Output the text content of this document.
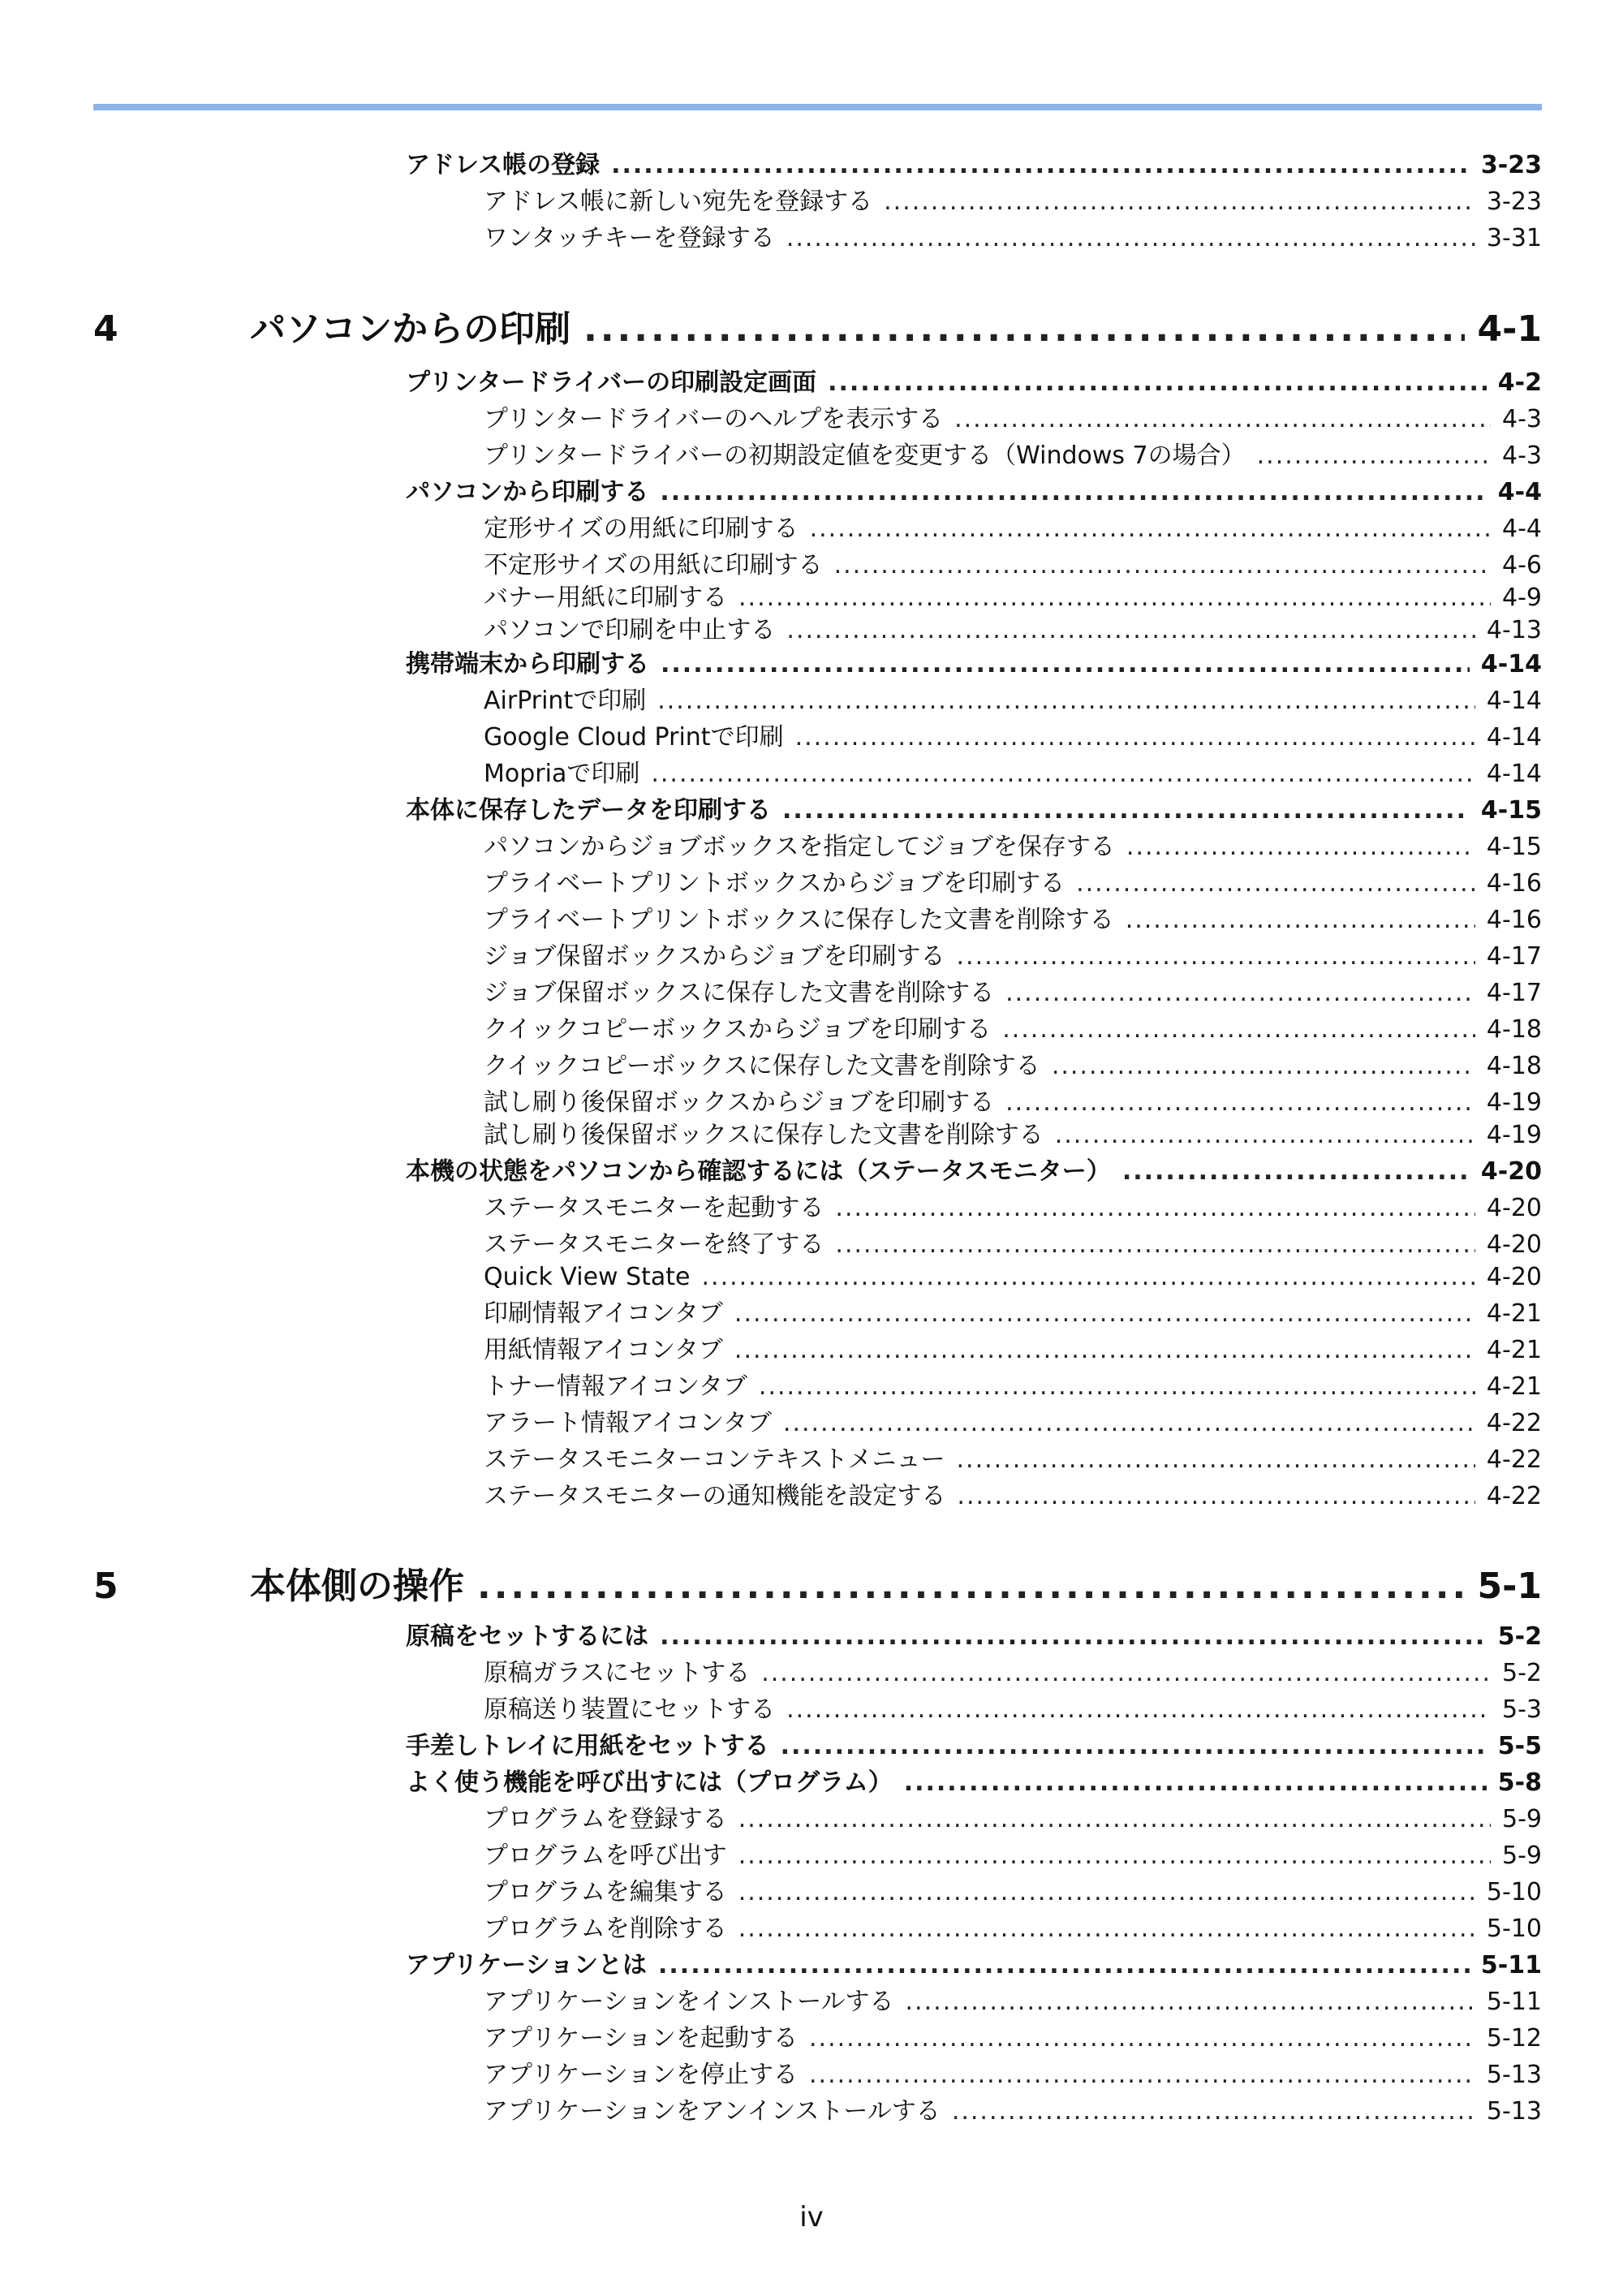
アドレス帳の登録 .....	3-23
アドレス帳に新しい宛先を登録する .....	3-23
ワンタッチキーを登録する .....	3-31
4	パソコンからの印刷 .....	4-1
プリンタードライバーの印刷設定画面 .....	4-2
プリンタードライバーのヘルプを表示する .....	4-3
プリンタードライバーの初期設定値を変更する（Windows 7の場合） .....	4-3
パソコンから印刷する .....	4-4
定形サイズの用紙に印刷する .....	4-4
不定形サイズの用紙に印刷する .....	4-6
バナー用紙に印刷する .....	4-9
パソコンで印刷を中止する .....	4-13
携帯端末から印刷する .....	4-14
AirPrintで印刷 .....	4-14
Google Cloud Printで印刷 .....	4-14
Mopriaで印刷 .....	4-14
本体に保存したデータを印刷する .....	4-15
パソコンからジョブボックスを指定してジョブを保存する .....	4-15
プライベートプリントボックスからジョブを印刷する .....	4-16
プライベートプリントボックスに保存した文書を削除する .....	4-16
ジョブ保留ボックスからジョブを印刷する .....	4-17
ジョブ保留ボックスに保存した文書を削除する .....	4-17
クイックコピーボックスからジョブを印刷する .....	4-18
クイックコピーボックスに保存した文書を削除する .....	4-18
試し刷り後保留ボックスからジョブを印刷する .....	4-19
試し刷り後保留ボックスに保存した文書を削除する .....	4-19
本機の状態をパソコンから確認するには（ステータスモニター） .....	4-20
ステータスモニターを起動する .....	4-20
ステータスモニターを終了する .....	4-20
Quick View State .....	4-20
印刷情報アイコンタブ .....	4-21
用紙情報アイコンタブ .....	4-21
トナー情報アイコンタブ .....	4-21
アラート情報アイコンタブ .....	4-22
ステータスモニターコンテキストメニュー .....	4-22
ステータスモニターの通知機能を設定する .....	4-22
5	本体側の操作 .....	5-1
原稿をセットするには .....	5-2
原稿ガラスにセットする .....	5-2
原稿送り装置にセットする .....	5-3
手差しトレイに用紙をセットする .....	5-5
よく使う機能を呼び出すには（プログラム） .....	5-8
プログラムを登録する .....	5-9
プログラムを呼び出す .....	5-9
プログラムを編集する .....	5-10
プログラムを削除する .....	5-10
アプリケーションとは .....	5-11
アプリケーションをインストールする .....	5-11
アプリケーションを起動する .....	5-12
アプリケーションを停止する .....	5-13
アプリケーションをアンインストールする .....	5-13
iv
